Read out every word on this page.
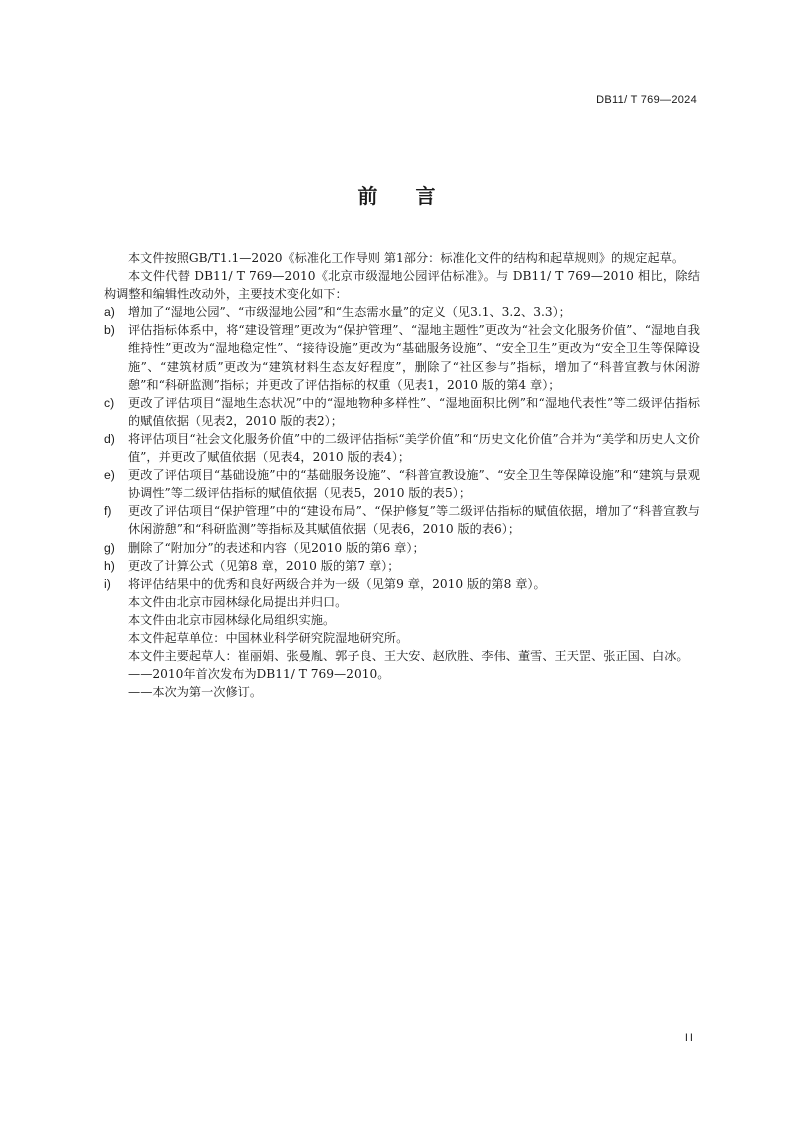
DB11/ T 769—2024
前言

本文件按照GB/T1.1—2020《标准化工作导则 第1部分：标准化文件的结构和起草规则》的规定起草。

本文件代替 DB11/ T 769—2010《北京市级湿地公园评估标准》。与 DB11/ T 769—2010 相比，除结构调整和编辑性改动外，主要技术变化如下：

a) 增加了“湿地公园”、“市级湿地公园”和“生态需水量”的定义（见3.1、3.2、3.3）；
b) 评估指标体系中，将“建设管理”更改为“保护管理”、“湿地主题性”更改为“社会文化服务价值”、“湿地自我维持性”更改为“湿地稳定性”、“接待设施”更改为“基础服务设施”、“安全卫生”更改为“安全卫生等保障设施”、“建筑材质”更改为“建筑材料生态友好程度”，删除了“社区参与”指标，增加了“科普宣教与休闲游憩”和“科研监测”指标；并更改了评估指标的权重（见表1，2010 版的第4 章）；
c) 更改了评估项目“湿地生态状况”中的“湿地物种多样性”、“湿地面积比例”和“湿地代表性”等二级评估指标的赋值依据（见表2，2010 版的表2）；
d) 将评估项目“社会文化服务价值”中的二级评估指标“美学价值”和“历史文化价值”合并为“美学和历史人文价值”，并更改了赋值依据（见表4，2010 版的表4）；
e) 更改了评估项目“基础设施”中的“基础服务设施”、“科普宣教设施”、“安全卫生等保障设施”和“建筑与景观协调性”等二级评估指标的赋值依据（见表5，2010 版的表5）；
f) 更改了评估项目“保护管理”中的“建设布局”、“保护修复”等二级评估指标的赋值依据，增加了“科普宣教与休闲游憩”和“科研监测”等指标及其赋值依据（见表6，2010 版的表6）；
g) 删除了“附加分”的表述和内容（见2010 版的第6 章）；
h) 更改了计算公式（见第8 章，2010 版的第7 章）；
i) 将评估结果中的优秀和良好两级合并为一级（见第9 章，2010 版的第8 章）。

本文件由北京市园林绿化局提出并归口。

本文件由北京市园林绿化局组织实施。

本文件起草单位：中国林业科学研究院湿地研究所。

本文件主要起草人：崔丽娟、张曼胤、郭子良、王大安、赵欣胜、李伟、董雪、王天罡、张正国、白冰。

——2010年首次发布为DB11/ T 769—2010。

——本次为第一次修订。

II
